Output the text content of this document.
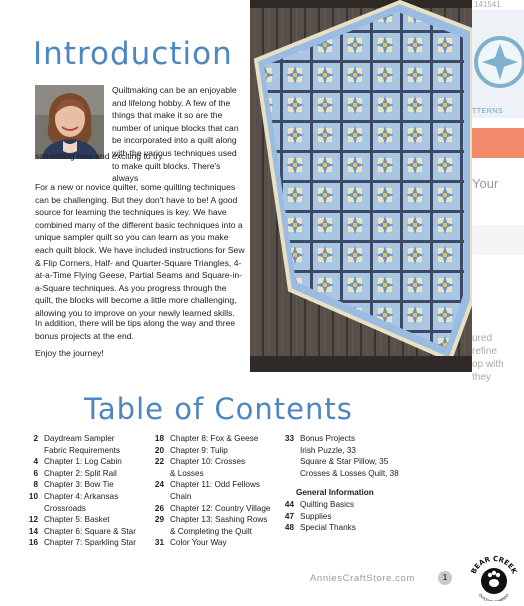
Introduction

Quiltmaking can be an enjoyable and lifelong hobby. A few of the things that make it so are the number of unique blocks that can be incorporated into a quilt along with the various techniques used to make quilt blocks. There's always

something new and exciting to try.

For a new or novice quilter, some quilting techniques can be challenging. But they don't have to be! A good source for learning the techniques is key. We have combined many of the different basic techniques into a unique sampler quilt so you can learn as you make each quilt block. We have included instructions for Sew & Flip Corners, Half- and Quarter-Square Triangles, 4-at-a-Time Flying Geese, Partial Seams and Square-in-a-Square techniques. As you progress through the quilt, the blocks will become a little more challenging, allowing you to improve on your newly learned skills.

In addition, there will be tips along the way and three bonus projects at the end.

Enjoy the journey!

141541
TTERNS
Your
ured
refine
op with
they
Table of Contents
2 Daydream Sampler
Fabric Requirements
4 Chapter 1: Log Cabin
6 Chapter 2: Split Rail
8 Chapter 3: Bow Tie
10 Chapter 4: Arkansas
Crossroads
12 Chapter 5: Basket
14 Chapter 6: Square & Star
16 Chapter 7: Sparkling Star
18 Chapter 8: Fox & Geese
20 Chapter 9: Tulip
22 Chapter 10: Crosses
& Losses
24 Chapter 11: Odd Fellows
Chain
26 Chapter 12: Country Village
29 Chapter 13: Sashing Rows
& Completing the Quilt
31 Color Your Way
33 Bonus Projects
Irish Puzzle, 33
Square & Star Pillow, 35
Crosses & Losses Quilt, 38
General Information
44 Quilting Basics
47 Supplies
48 Special Thanks
AnniesCraftStore.com	1
BEAR CREEK
QUILTI MPANY
